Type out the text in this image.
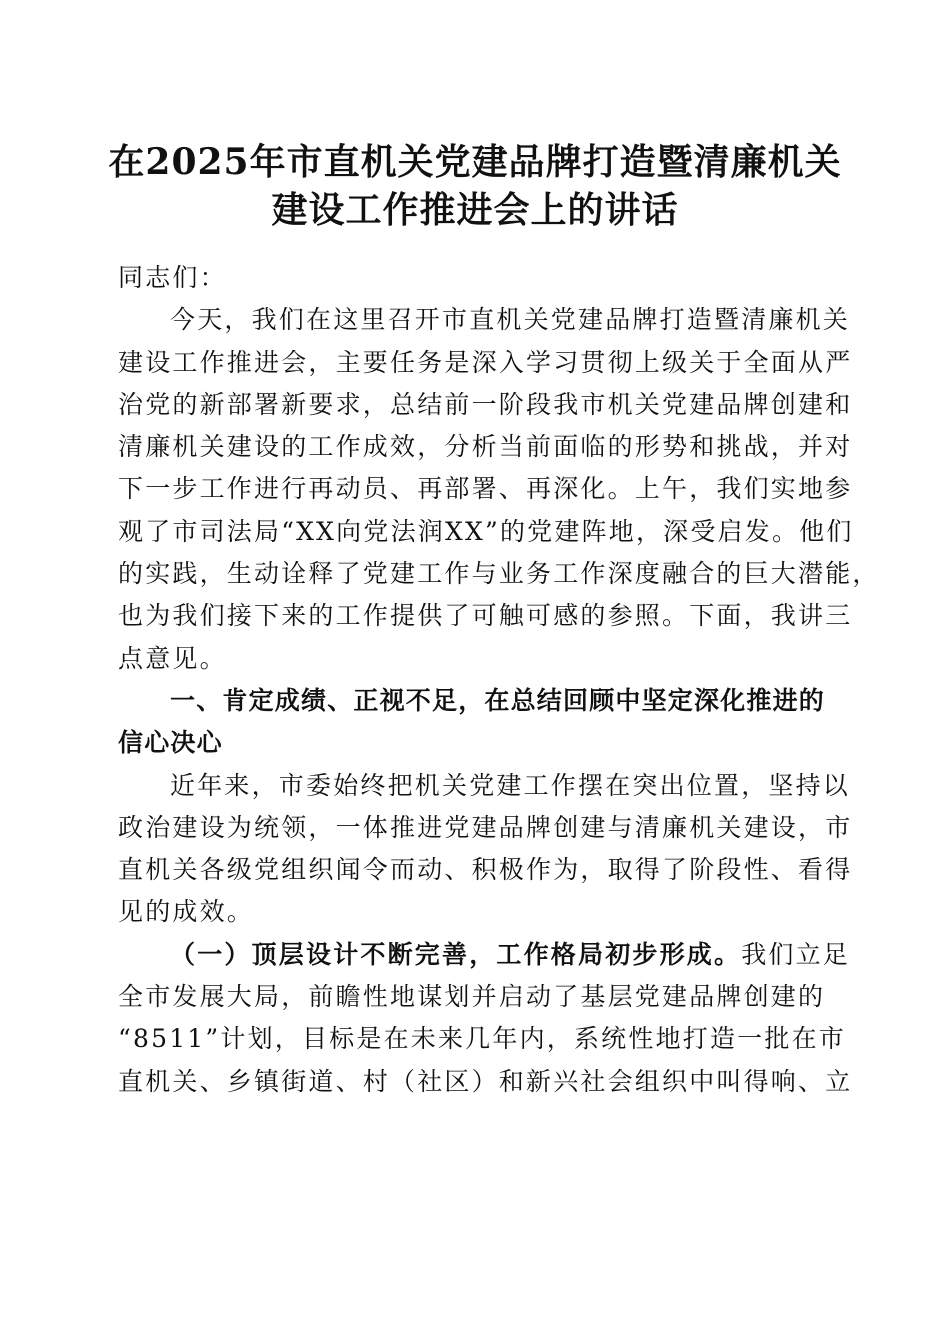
在2025年市直机关党建品牌打造暨清廉机关
建设工作推进会上的讲话
同志们：
今天，我们在这里召开市直机关党建品牌打造暨清廉机关
建设工作推进会，主要任务是深入学习贯彻上级关于全面从严
治党的新部署新要求，总结前一阶段我市机关党建品牌创建和
清廉机关建设的工作成效，分析当前面临的形势和挑战，并对
下一步工作进行再动员、再部署、再深化。上午，我们实地参
观了市司法局“XX向党法润XX”的党建阵地，深受启发。他们
的实践，生动诠释了党建工作与业务工作深度融合的巨大潜能，
也为我们接下来的工作提供了可触可感的参照。下面，我讲三
点意见。
一、肯定成绩、正视不足，在总结回顾中坚定深化推进的
信心决心
近年来，市委始终把机关党建工作摆在突出位置，坚持以
政治建设为统领，一体推进党建品牌创建与清廉机关建设，市
直机关各级党组织闻令而动、积极作为，取得了阶段性、看得
见的成效。
（一）顶层设计不断完善，工作格局初步形成。我们立足
全市发展大局，前瞻性地谋划并启动了基层党建品牌创建的
“8511”计划，目标是在未来几年内，系统性地打造一批在市
直机关、乡镇街道、村（社区）和新兴社会组织中叫得响、立
